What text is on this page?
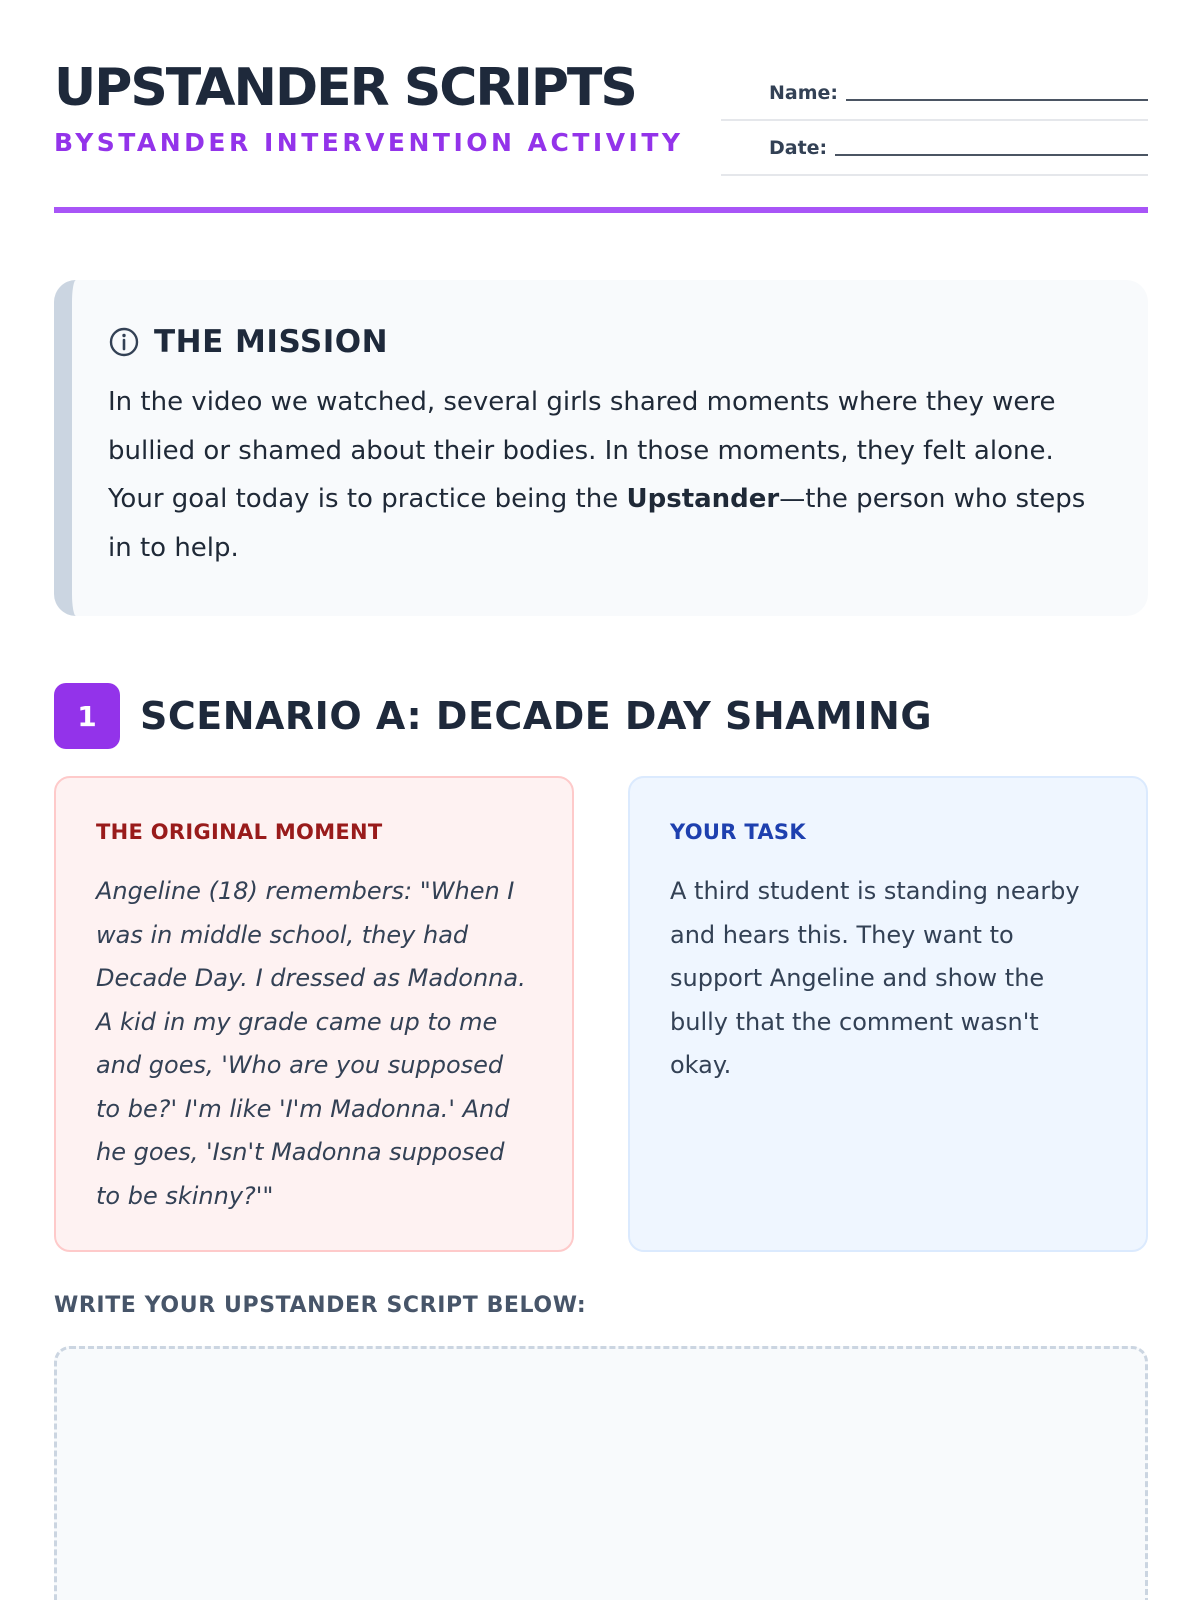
UPSTANDER SCRIPTS
BYSTANDER INTERVENTION ACTIVITY
Name:
Date:
THE MISSION

In the video we watched, several girls shared moments where they were bullied or shamed about their bodies. In those moments, they felt alone. Your goal today is to practice being the Upstander—the person who steps in to help.

1	SCENARIO A: DECADE DAY SHAMING
THE ORIGINAL MOMENT

Angeline (18) remembers: "When I was in middle school, they had Decade Day. I dressed as Madonna. A kid in my grade came up to me and goes, 'Who are you supposed to be?' I'm like 'I'm Madonna.' And he goes, 'Isn't Madonna supposed to be skinny?'"

YOUR TASK

A third student is standing nearby and hears this. They want to support Angeline and show the bully that the comment wasn't okay.

WRITE YOUR UPSTANDER SCRIPT BELOW:
